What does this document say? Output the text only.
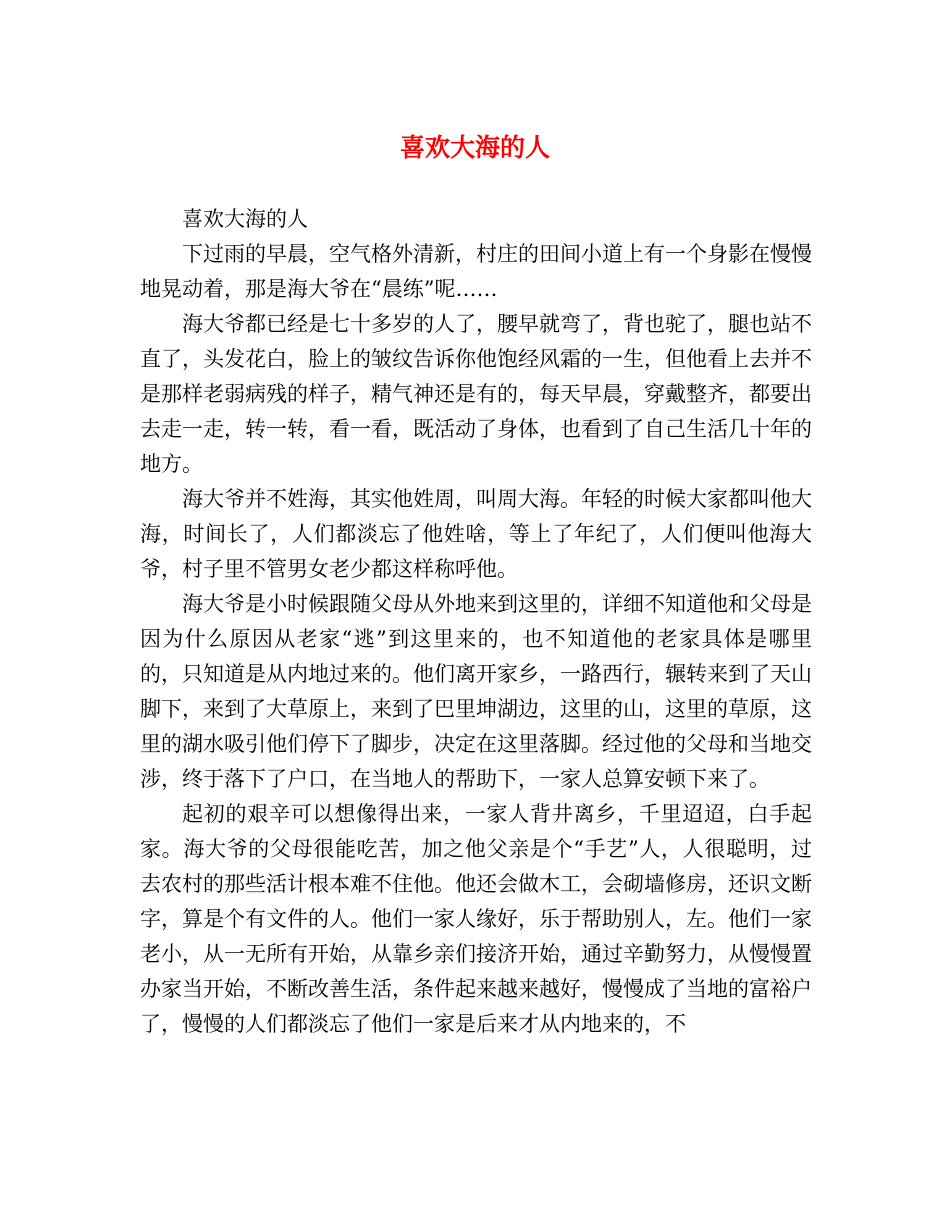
喜欢大海的人

喜欢大海的人

下过雨的早晨，空气格外清新，村庄的田间小道上有一个身影在慢慢地晃动着，那是海大爷在“晨练”呢……

海大爷都已经是七十多岁的人了，腰早就弯了，背也驼了，腿也站不直了，头发花白，脸上的皱纹告诉你他饱经风霜的一生，但他看上去并不是那样老弱病残的样子，精气神还是有的，每天早晨，穿戴整齐，都要出去走一走，转一转，看一看，既活动了身体，也看到了自己生活几十年的地方。

海大爷并不姓海，其实他姓周，叫周大海。年轻的时候大家都叫他大海，时间长了，人们都淡忘了他姓啥，等上了年纪了，人们便叫他海大爷，村子里不管男女老少都这样称呼他。

海大爷是小时候跟随父母从外地来到这里的，详细不知道他和父母是因为什么原因从老家“逃”到这里来的，也不知道他的老家具体是哪里的，只知道是从内地过来的。他们离开家乡，一路西行，辗转来到了天山脚下，来到了大草原上，来到了巴里坤湖边，这里的山，这里的草原，这里的湖水吸引他们停下了脚步，决定在这里落脚。经过他的父母和当地交涉，终于落下了户口，在当地人的帮助下，一家人总算安顿下来了。

起初的艰辛可以想像得出来，一家人背井离乡，千里迢迢，白手起家。海大爷的父母很能吃苦，加之他父亲是个“手艺”人，人很聪明，过去农村的那些活计根本难不住他。他还会做木工，会砌墙修房，还识文断字，算是个有文件的人。他们一家人缘好，乐于帮助别人，左。他们一家老小，从一无所有开始，从靠乡亲们接济开始，通过辛勤努力，从慢慢置办家当开始，不断改善生活，条件起来越来越好，慢慢成了当地的富裕户了，慢慢的人们都淡忘了他们一家是后来才从内地来的，不
